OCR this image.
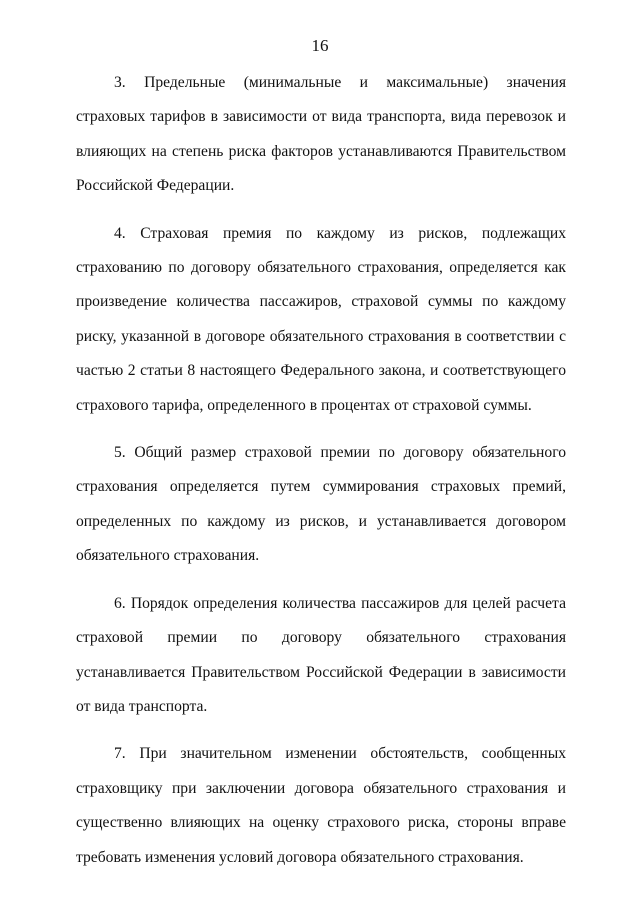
16

3. Предельные (минимальные и максимальные) значения страховых тарифов в зависимости от вида транспорта, вида перевозок и влияющих на степень риска факторов устанавливаются Правительством Российской Федерации.

4. Страховая премия по каждому из рисков, подлежащих страхованию по договору обязательного страхования, определяется как произведение количества пассажиров, страховой суммы по каждому риску, указанной в договоре обязательного страхования в соответствии с частью 2 статьи 8 настоящего Федерального закона, и соответствующего страхового тарифа, определенного в процентах от страховой суммы.

5. Общий размер страховой премии по договору обязательного страхования определяется путем суммирования страховых премий, определенных по каждому из рисков, и устанавливается договором обязательного страхования.

6. Порядок определения количества пассажиров для целей расчета страховой премии по договору обязательного страхования устанавливается Правительством Российской Федерации в зависимости от вида транспорта.

7. При значительном изменении обстоятельств, сообщенных страховщику при заключении договора обязательного страхования и существенно влияющих на оценку страхового риска, стороны вправе требовать изменения условий договора обязательного страхования.
